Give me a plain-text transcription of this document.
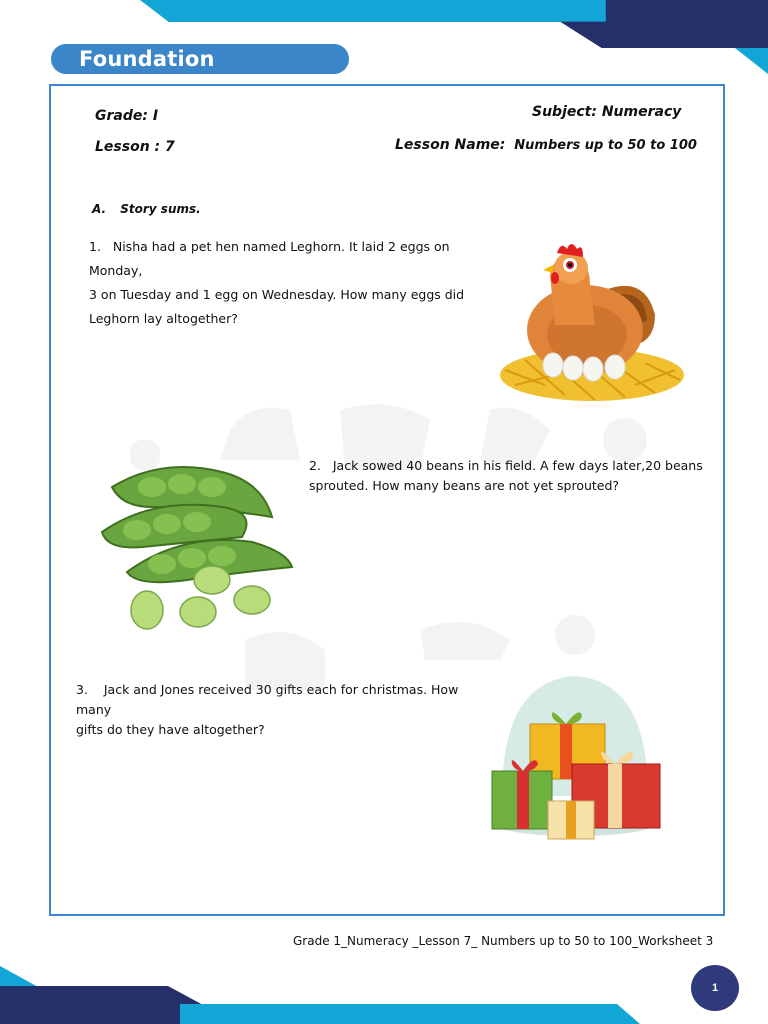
Foundation Worksheet
Grade: I
Lesson : 7
Subject: Numeracy
Lesson Name: Numbers up to 50 to 100
A. Story sums.
1. Nisha had a pet hen named Leghorn. It laid 2 eggs on Monday,
3 on Tuesday and 1 egg on Wednesday. How many eggs did
Leghorn lay altogether?
2. Jack sowed 40 beans in his field. A few days later,20 beans
sprouted. How many beans are not yet sprouted?
3. Jack and Jones received 30 gifts each for christmas. How many
gifts do they have altogether?
Grade 1_Numeracy _Lesson 7_ Numbers up to 50 to 100_Worksheet 3
1
